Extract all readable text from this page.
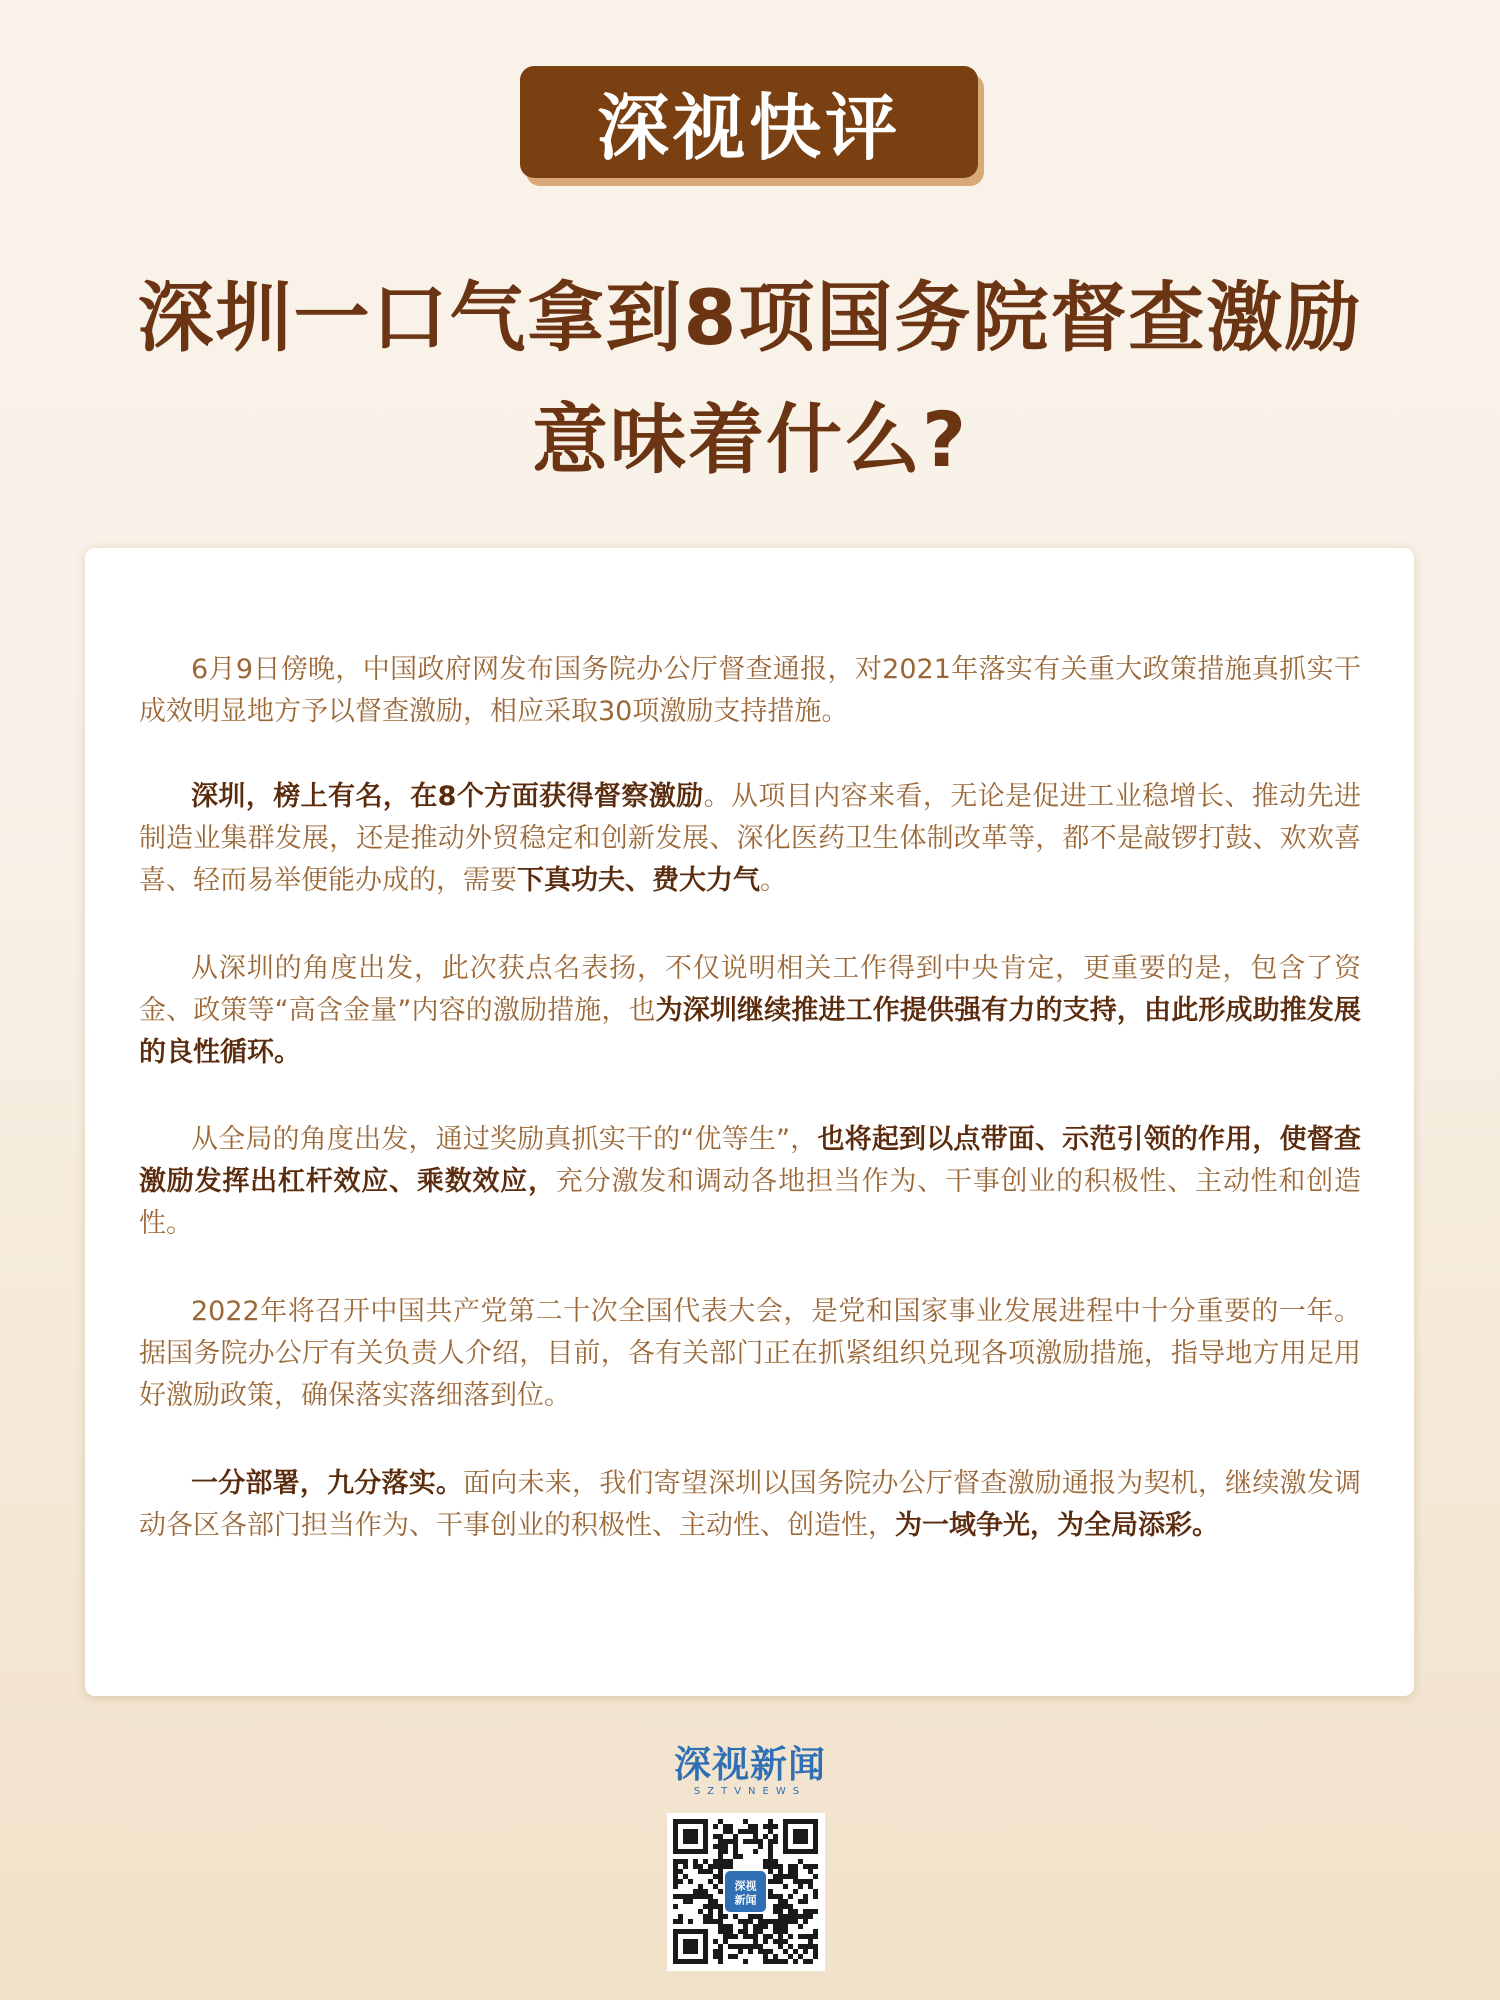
深视快评
深圳一口气拿到8项国务院督查激励
意味着什么?

6月9日傍晚，中国政府网发布国务院办公厅督查通报，对2021年落实有关重大政策措施真抓实干成效明显地方予以督查激励，相应采取30项激励支持措施。

深圳，榜上有名，在8个方面获得督察激励。从项目内容来看，无论是促进工业稳增长、推动先进制造业集群发展，还是推动外贸稳定和创新发展、深化医药卫生体制改革等，都不是敲锣打鼓、欢欢喜喜、轻而易举便能办成的，需要下真功夫、费大力气。

从深圳的角度出发，此次获点名表扬，不仅说明相关工作得到中央肯定，更重要的是，包含了资金、政策等“高含金量”内容的激励措施，也为深圳继续推进工作提供强有力的支持，由此形成助推发展的良性循环。

从全局的角度出发，通过奖励真抓实干的“优等生”，也将起到以点带面、示范引领的作用，使督查激励发挥出杠杆效应、乘数效应，充分激发和调动各地担当作为、干事创业的积极性、主动性和创造性。

2022年将召开中国共产党第二十次全国代表大会，是党和国家事业发展进程中十分重要的一年。据国务院办公厅有关负责人介绍，目前，各有关部门正在抓紧组织兑现各项激励措施，指导地方用足用好激励政策，确保落实落细落到位。

一分部署，九分落实。面向未来，我们寄望深圳以国务院办公厅督查激励通报为契机，继续激发调动各区各部门担当作为、干事创业的积极性、主动性、创造性，为一域争光，为全局添彩。

深视新闻
SZTVNEWS
深视
新闻
